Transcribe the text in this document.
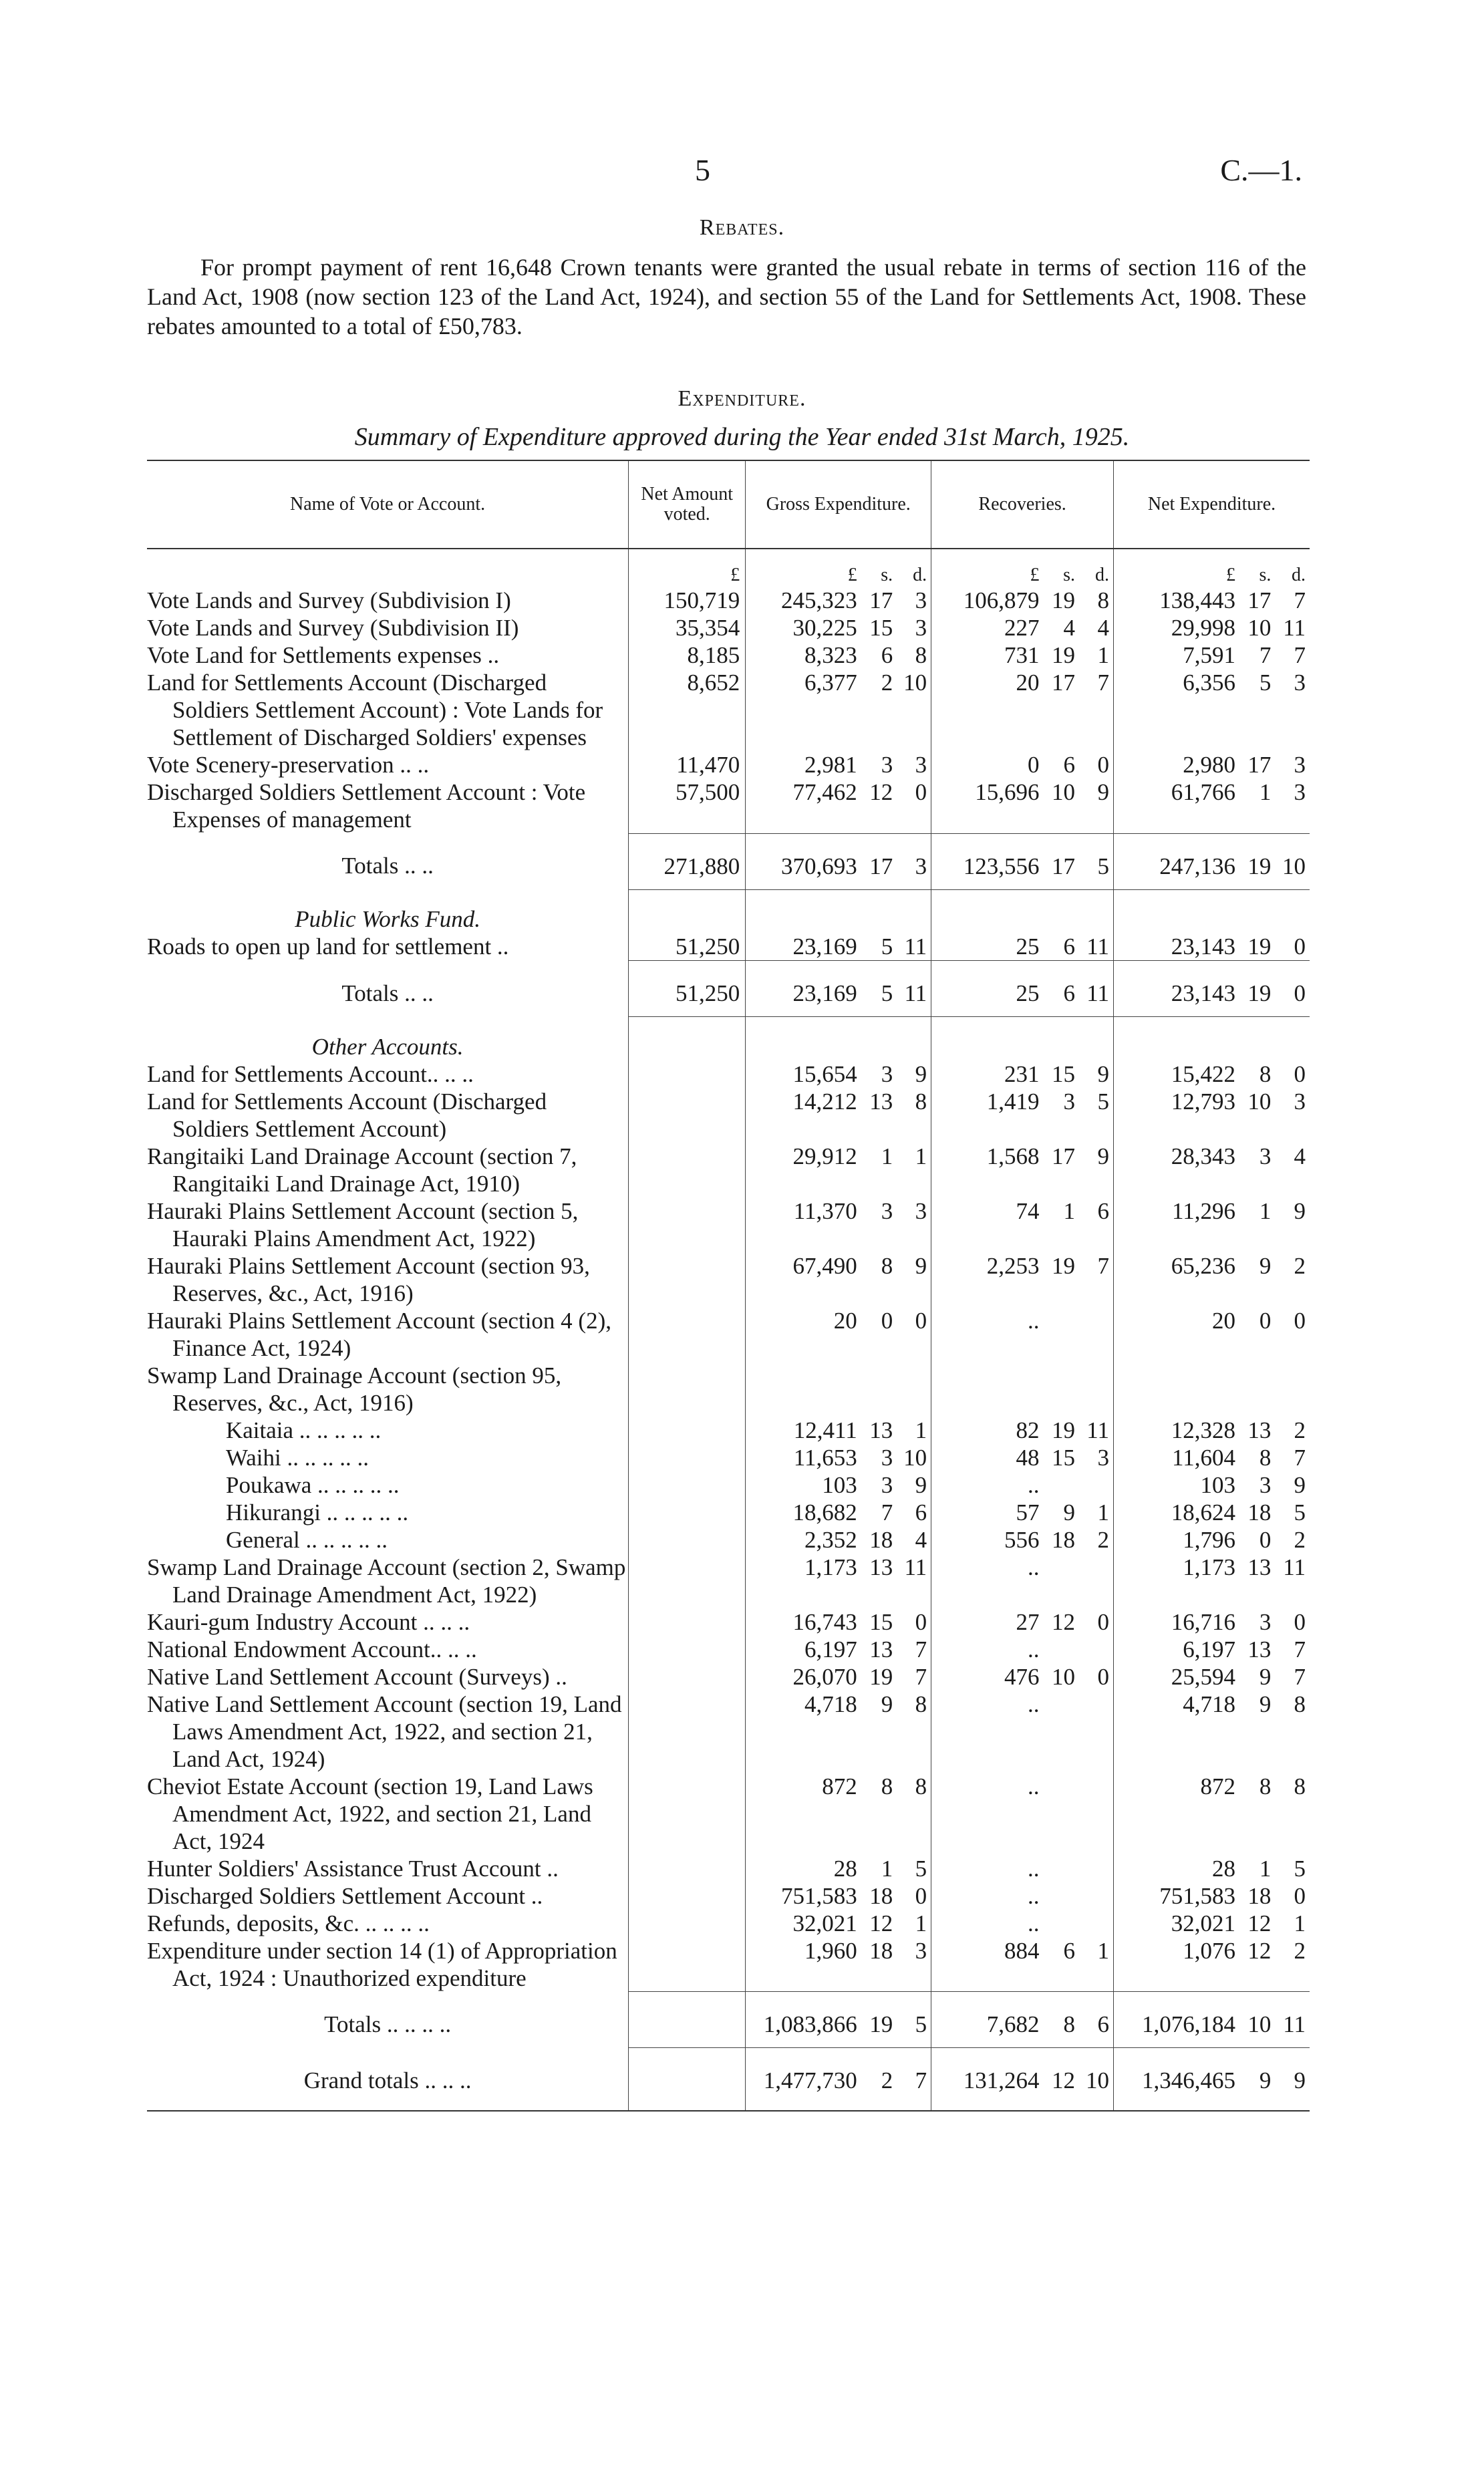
5	C.—1.
Rebates.
For prompt payment of rent 16,648 Crown tenants were granted the usual rebate in terms of section 116 of the Land Act, 1908 (now section 123 of the Land Act, 1924), and section 55 of the Land for Settlements Act, 1908. These rebates amounted to a total of £50,783.
Expenditure.
Summary of Expenditure approved during the Year ended 31st March, 1925.
Name of Vote or Account.	Net Amount voted.	Gross Expenditure.			Recoveries.			Net Expenditure.		
	£	£	s.	d.	£	s.	d.	£	s.	d.
Vote Lands and Survey (Subdivision I)	150,719	245,323	17	3	106,879	19	8	138,443	17	7
Vote Lands and Survey (Subdivision II)	35,354	30,225	15	3	227	4	4	29,998	10	11
Vote Land for Settlements expenses ..	8,185	8,323	6	8	731	19	1	7,591	7	7
Land for Settlements Account (Discharged Soldiers Settlement Account) : Vote Lands for Settlement of Discharged Soldiers' expenses	8,652	6,377	2	10	20	17	7	6,356	5	3
Vote Scenery-preservation .. ..	11,470	2,981	3	3	0	6	0	2,980	17	3
Discharged Soldiers Settlement Account : Vote Expenses of management	57,500	77,462	12	0	15,696	10	9	61,766	1	3
Totals .. ..	271,880	370,693	17	3	123,556	17	5	247,136	19	10
Public Works Fund.										
Roads to open up land for settlement ..	51,250	23,169	5	11	25	6	11	23,143	19	0
Totals .. ..	51,250	23,169	5	11	25	6	11	23,143	19	0
Other Accounts.										
Land for Settlements Account.. .. ..		15,654	3	9	231	15	9	15,422	8	0
Land for Settlements Account (Discharged Soldiers Settlement Account)		14,212	13	8	1,419	3	5	12,793	10	3
Rangitaiki Land Drainage Account (section 7, Rangitaiki Land Drainage Act, 1910)		29,912	1	1	1,568	17	9	28,343	3	4
Hauraki Plains Settlement Account (section 5, Hauraki Plains Amendment Act, 1922)		11,370	3	3	74	1	6	11,296	1	9
Hauraki Plains Settlement Account (section 93, Reserves, &c., Act, 1916)		67,490	8	9	2,253	19	7	65,236	9	2
Hauraki Plains Settlement Account (section 4 (2), Finance Act, 1924)		20	0	0	..			20	0	0
Swamp Land Drainage Account (section 95, Reserves, &c., Act, 1916)										
Kaitaia .. .. .. .. ..		12,411	13	1	82	19	11	12,328	13	2
Waihi .. .. .. .. ..		11,653	3	10	48	15	3	11,604	8	7
Poukawa .. .. .. .. ..		103	3	9	..			103	3	9
Hikurangi .. .. .. .. ..		18,682	7	6	57	9	1	18,624	18	5
General .. .. .. .. ..		2,352	18	4	556	18	2	1,796	0	2
Swamp Land Drainage Account (section 2, Swamp Land Drainage Amendment Act, 1922)		1,173	13	11	..			1,173	13	11
Kauri-gum Industry Account .. .. ..		16,743	15	0	27	12	0	16,716	3	0
National Endowment Account.. .. ..		6,197	13	7	..			6,197	13	7
Native Land Settlement Account (Surveys) ..		26,070	19	7	476	10	0	25,594	9	7
Native Land Settlement Account (section 19, Land Laws Amendment Act, 1922, and section 21, Land Act, 1924)		4,718	9	8	..			4,718	9	8
Cheviot Estate Account (section 19, Land Laws Amendment Act, 1922, and section 21, Land Act, 1924		872	8	8	..			872	8	8
Hunter Soldiers' Assistance Trust Account ..		28	1	5	..			28	1	5
Discharged Soldiers Settlement Account ..		751,583	18	0	..			751,583	18	0
Refunds, deposits, &c. .. .. .. ..		32,021	12	1	..			32,021	12	1
Expenditure under section 14 (1) of Appropriation Act, 1924 : Unauthorized expenditure		1,960	18	3	884	6	1	1,076	12	2
Totals .. .. .. ..		1,083,866	19	5	7,682	8	6	1,076,184	10	11
Grand totals .. .. ..		1,477,730	2	7	131,264	12	10	1,346,465	9	9
